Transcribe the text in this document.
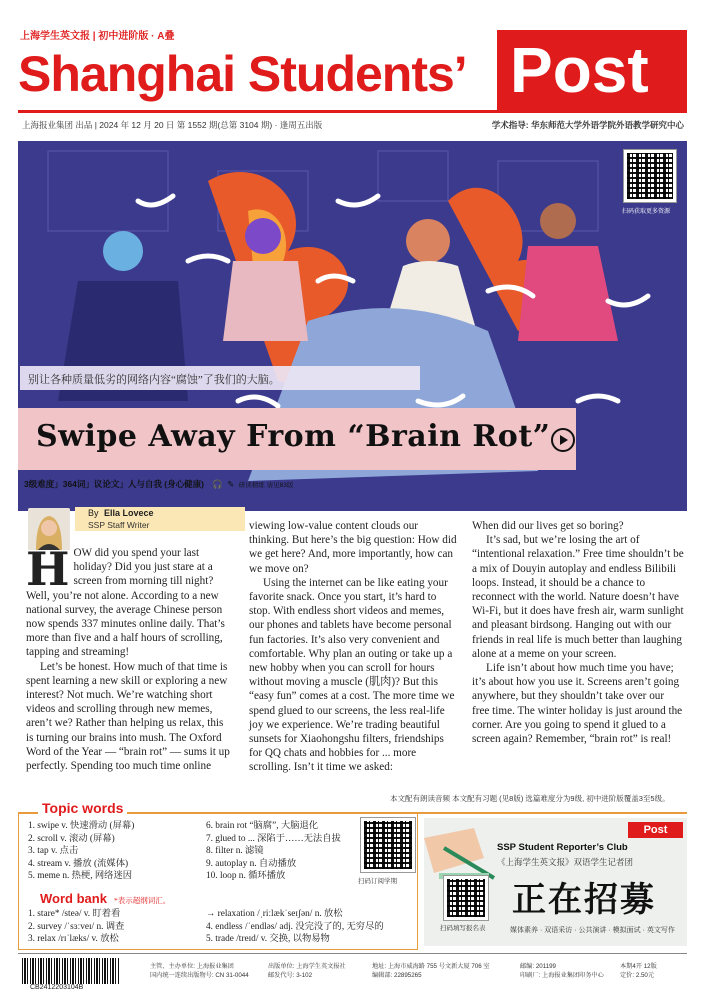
上海学生英文报 | 初中进阶版 · A叠
Shanghai Students’ Post
上海报业集团 出品 | 2024 年 12 月 20 日 第 1552 期(总第 3104 期) · 逢周五出版	学术指导: 华东师范大学外语学院外语教学研究中心
扫码获取更多资源
别让各种质量低劣的网络内容“腐蚀”了我们的大脑。
Swipe Away From “Brain Rot”
3级难度」364词」议论文」人与自我 (身心健康) 🎧 ✎ 研读精练 请见83版
By Ella Lovece
SSP Staff Writer

HOW did you spend your last holiday? Did you just stare at a screen from morning till night? Well, you’re not alone. According to a new national survey, the average Chinese person now spends 337 minutes online daily. That’s more than five and a half hours of scrolling, tapping and streaming!

Let’s be honest. How much of that time is spent learning a new skill or exploring a new interest? Not much. We’re watching short videos and scrolling through new memes, aren’t we? Rather than helping us relax, this is turning our brains into mush. The Oxford Word of the Year — “brain rot” — sums it up perfectly. Spending too much time online

viewing low-value content clouds our thinking. But here’s the big question: How did we get here? And, more importantly, how can we move on?

Using the internet can be like eating your favorite snack. Once you start, it’s hard to stop. With endless short videos and memes, our phones and tablets have become personal fun factories. It’s also very convenient and comfortable. Why plan an outing or take up a new hobby when you can scroll for hours without moving a muscle (肌肉)? But this “easy fun” comes at a cost. The more time we spend glued to our screens, the less real-life joy we experience. We’re trading beautiful sunsets for Xiaohongshu filters, friendships for QQ chats and hobbies for ... more scrolling. Isn’t it time we asked:

When did our lives get so boring?

It’s sad, but we’re losing the art of “intentional relaxation.” Free time shouldn’t be a mix of Douyin autoplay and endless Bilibili loops. Instead, it should be a chance to reconnect with the world. Nature doesn’t have Wi-Fi, but it does have fresh air, warm sunlight and pleasant birdsong. Hanging out with our friends in real life is much better than laughing alone at a meme on your screen.

Life isn’t about how much time you have; it’s about how you use it. Screens aren’t going anywhere, but they shouldn’t take over our free time. The winter holiday is just around the corner. Are you going to spend it glued to a screen again? Remember, “brain rot” is real!

本文配有朗读音频 本文配有习题 (见8版) 选篇难度分为9级, 初中进阶版覆盖3至5级。
Topic words
1. swipe v. 快速滑动 (屏幕)
2. scroll v. 滚动 (屏幕)
3. tap v. 点击
4. stream v. 播放 (流媒体)
5. meme n. 热梗, 网络迷因
6. brain rot “脑腐”, 大脑退化
7. glued to ... 深陷于……无法自拔
8. filter n. 滤镜
9. autoplay n. 自动播放
10. loop n. 循环播放
扫码订阅学期
Word bank *表示超纲词汇。
1. stare* /steə/ v. 盯着看
2. survey /ˈsɜːveɪ/ n. 调查
3. relax /rɪˈlæks/ v. 放松
→ relaxation /ˌriːlækˈseɪʃən/ n. 放松
4. endless /ˈendləs/ adj. 没完没了的, 无穷尽的
5. trade /treɪd/ v. 交换, 以物易物
Post
SSP Student Reporter’s Club
《上海学生英文报》双语学生记者团
正在招募
媒体素养 · 双语采访 · 公共演讲 · 模拟面试 · 英文写作
扫码填写报名表
CB2412203104B
主管、主办单位: 上海报业集团
国内统一连续出版物号: CN 31-0044
出版单位: 上海学生英文报社
邮发代号: 3-102
地址: 上海市威海路 755 号文新大厦 706 室
编辑部: 22895265
邮编: 201199
印刷厂: 上海报业集团印务中心
本期4开 12版
定价: 2.50元
